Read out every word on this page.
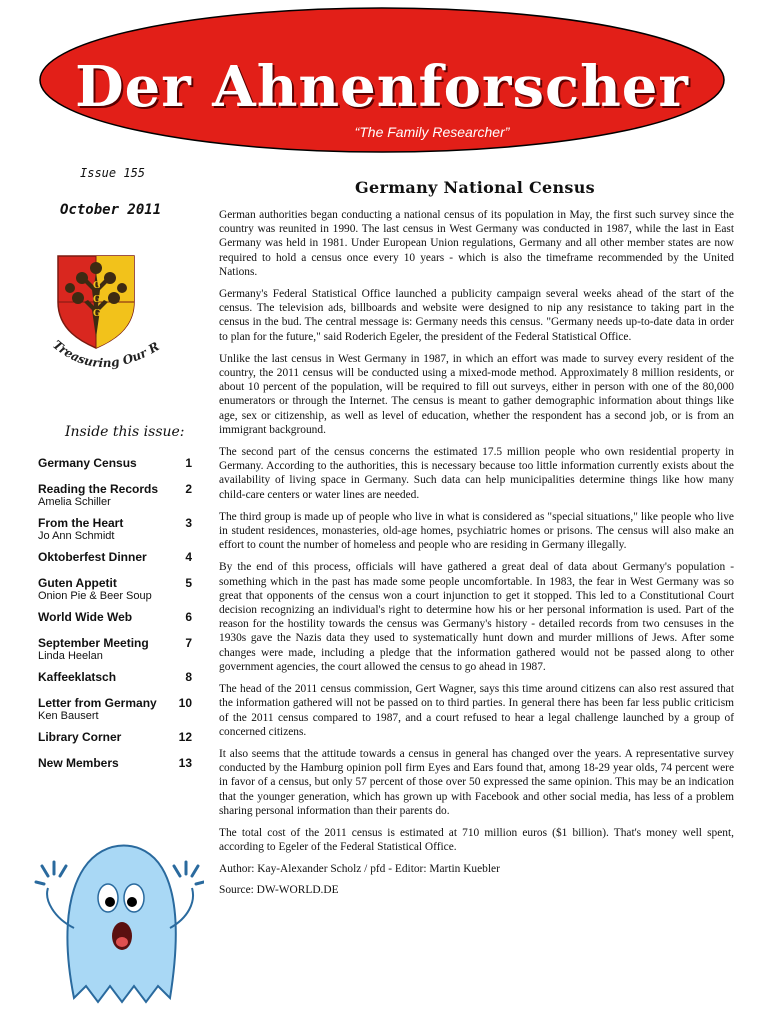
Der Ahnenforscher
“The Family Researcher”
Issue 155
October 2011
G
G
G
Treasuring Our R
Inside this issue:
Germany Census	1
Reading the Records	2
Amelia Schiller
From the Heart	3
Jo Ann Schmidt
Oktoberfest Dinner	4
Guten Appetit	5
Onion Pie & Beer Soup
World Wide Web	6
September Meeting	7
Linda Heelan
Kaffeeklatsch	8
Letter from Germany	10
Ken Bausert
Library Corner	12
New Members	13
Germany National Census

German authorities began conducting a national census of its population in May, the first such survey since the country was reunited in 1990. The last census in West Germany was conducted in 1987, while the last in East Germany was held in 1981. Under European Union regulations, Germany and all other member states are now required to hold a census once every 10 years - which is also the timeframe recommended by the United Nations.

Germany's Federal Statistical Office launched a publicity campaign several weeks ahead of the start of the census. The television ads, billboards and website were designed to nip any resistance to taking part in the census in the bud. The central message is: Germany needs this census. "Germany needs up-to-date data in order to plan for the future," said Roderich Egeler, the president of the Federal Statistical Office.

Unlike the last census in West Germany in 1987, in which an effort was made to survey every resident of the country, the 2011 census will be conducted using a mixed-mode method. Approximately 8 million residents, or about 10 percent of the population, will be required to fill out surveys, either in person with one of the 80,000 enumerators or through the Internet. The census is meant to gather demographic information about things like age, sex or citizenship, as well as level of education, whether the respondent has a second job, or is from an immigrant background.

The second part of the census concerns the estimated 17.5 million people who own residential property in Germany. According to the authorities, this is necessary because too little information currently exists about the availability of living space in Germany. Such data can help municipalities determine things like how many child-care centers or water lines are needed.

The third group is made up of people who live in what is considered as "special situations," like people who live in student residences, monasteries, old-age homes, psychiatric homes or prisons. The census will also make an effort to count the number of homeless and people who are residing in Germany illegally.

By the end of this process, officials will have gathered a great deal of data about Germany's population - something which in the past has made some people uncomfortable. In 1983, the fear in West Germany was so great that opponents of the census won a court injunction to get it stopped. This led to a Constitutional Court decision recognizing an individual's right to determine how his or her personal information is used. Part of the reason for the hostility towards the census was Germany's history - detailed records from two censuses in the 1930s gave the Nazis data they used to systematically hunt down and murder millions of Jews. After some changes were made, including a pledge that the information gathered would not be passed along to other government agencies, the court allowed the census to go ahead in 1987.

The head of the 2011 census commission, Gert Wagner, says this time around citizens can also rest assured that the information gathered will not be passed on to third parties. In general there has been far less public criticism of the 2011 census compared to 1987, and a court refused to hear a legal challenge launched by a group of concerned citizens.

It also seems that the attitude towards a census in general has changed over the years. A representative survey conducted by the Hamburg opinion poll firm Eyes and Ears found that, among 18-29 year olds, 74 percent were in favor of a census, but only 57 percent of those over 50 expressed the same opinion. This may be an indication that the younger generation, which has grown up with Facebook and other social media, has less of a problem sharing personal information than their parents do.

The total cost of the 2011 census is estimated at 710 million euros ($1 billion). That's money well spent, according to Egeler of the Federal Statistical Office.

Author: Kay-Alexander Scholz / pfd - Editor: Martin Kuebler

Source: DW-WORLD.DE
